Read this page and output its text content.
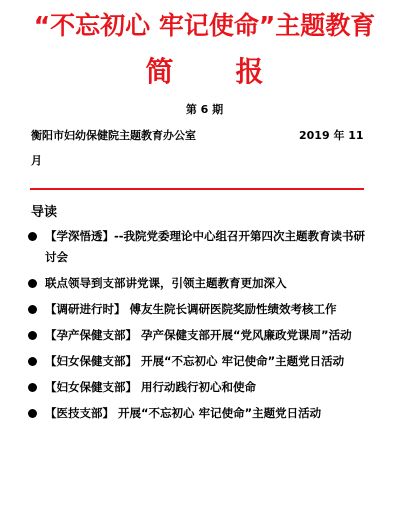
“不忘初心 牢记使命”主题教育
简 报
第 6 期
衡阳市妇幼保健院主题教育办公室	2019 年 11
月
导读
【学深悟透】--我院党委理论中心组召开第四次主题教育读书研讨会
联点领导到支部讲党课，引领主题教育更加深入
【调研进行时】 傅友生院长调研医院奖励性绩效考核工作
【孕产保健支部】 孕产保健支部开展“党风廉政党课周”活动
【妇女保健支部】 开展“不忘初心 牢记使命”主题党日活动
【妇女保健支部】 用行动践行初心和使命
【医技支部】 开展“不忘初心 牢记使命”主题党日活动
